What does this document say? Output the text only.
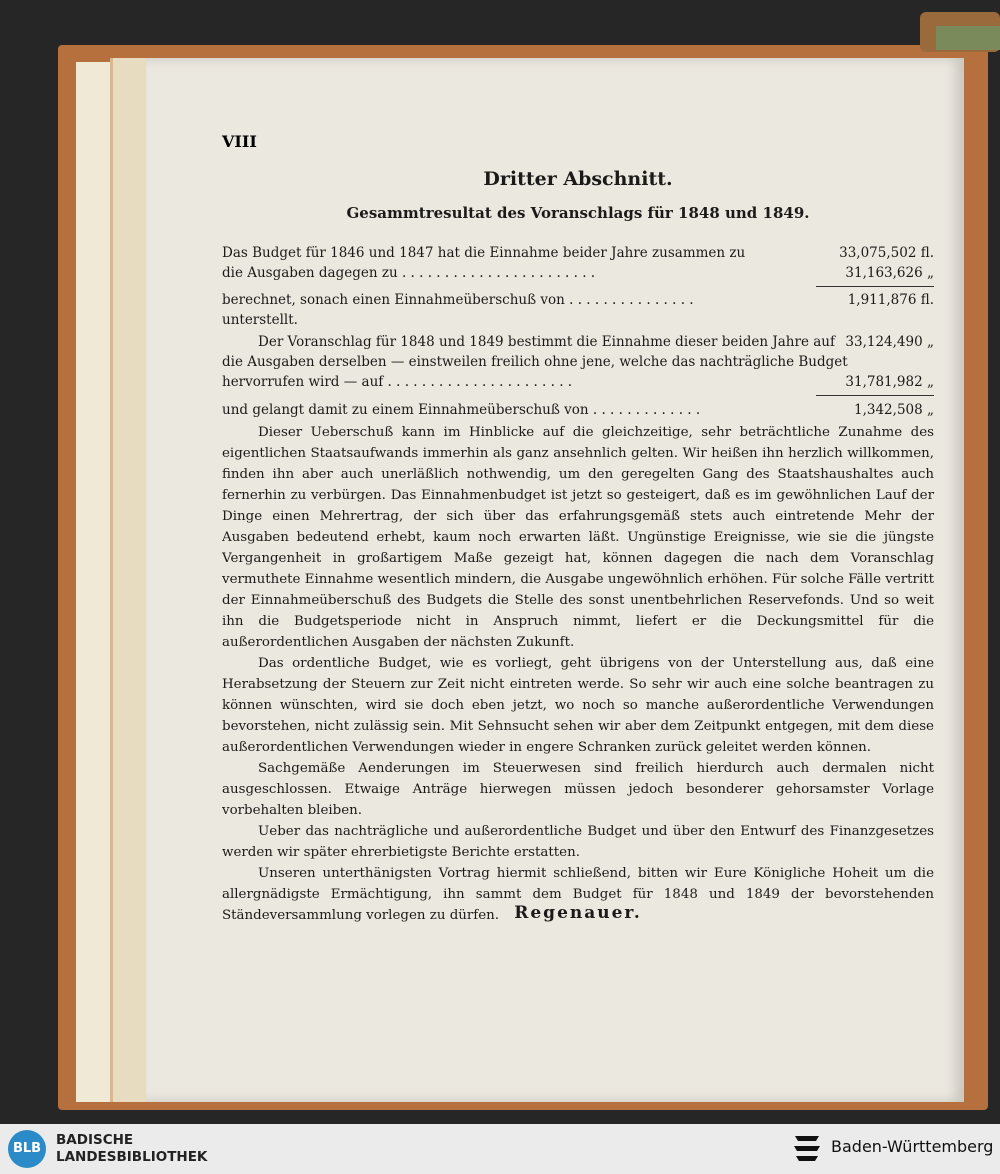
VIII
Dritter Abschnitt.
Gesammtresultat des Voranschlags für 1848 und 1849.
Das Budget für 1846 und 1847 hat die Einnahme beider Jahre zusammen zu	33,075,502 fl.
die Ausgaben dagegen zu . . . . . . . . . . . . . . . . . . . . . . .	31,163,626 „
berechnet, sonach einen Einnahmeüberschuß von . . . . . . . . . . . . . . .	1,911,876 fl.
unterstellt.
Der Voranschlag für 1848 und 1849 bestimmt die Einnahme dieser beiden Jahre auf 33,124,490 „
die Ausgaben derselben — einstweilen freilich ohne jene, welche das nachträgliche Budget
hervorrufen wird — auf . . . . . . . . . . . . . . . . . . . . . .	31,781,982 „
und gelangt damit zu einem Einnahmeüberschuß von . . . . . . . . . . . . .	1,342,508 „

Dieser Ueberschuß kann im Hinblicke auf die gleichzeitige, sehr beträchtliche Zunahme des eigentlichen Staatsaufwands immerhin als ganz ansehnlich gelten. Wir heißen ihn herzlich willkommen, finden ihn aber auch unerläßlich nothwendig, um den geregelten Gang des Staatshaushaltes auch fernerhin zu verbürgen. Das Einnahmenbudget ist jetzt so gesteigert, daß es im gewöhnlichen Lauf der Dinge einen Mehrertrag, der sich über das erfahrungsgemäß stets auch eintretende Mehr der Ausgaben bedeutend erhebt, kaum noch erwarten läßt. Ungünstige Ereignisse, wie sie die jüngste Vergangenheit in großartigem Maße gezeigt hat, können dagegen die nach dem Voranschlag vermuthete Einnahme wesentlich mindern, die Ausgabe ungewöhnlich erhöhen. Für solche Fälle vertritt der Einnahmeüberschuß des Budgets die Stelle des sonst unentbehrlichen Reservefonds. Und so weit ihn die Budgetsperiode nicht in Anspruch nimmt, liefert er die Deckungsmittel für die außerordentlichen Ausgaben der nächsten Zukunft.

Das ordentliche Budget, wie es vorliegt, geht übrigens von der Unterstellung aus, daß eine Herabsetzung der Steuern zur Zeit nicht eintreten werde. So sehr wir auch eine solche beantragen zu können wünschten, wird sie doch eben jetzt, wo noch so manche außerordentliche Verwendungen bevorstehen, nicht zulässig sein. Mit Sehnsucht sehen wir aber dem Zeitpunkt entgegen, mit dem diese außerordentlichen Verwendungen wieder in engere Schranken zurück geleitet werden können.

Sachgemäße Aenderungen im Steuerwesen sind freilich hierdurch auch dermalen nicht ausgeschlossen. Etwaige Anträge hierwegen müssen jedoch besonderer gehorsamster Vorlage vorbehalten bleiben.

Ueber das nachträgliche und außerordentliche Budget und über den Entwurf des Finanzgesetzes werden wir später ehrerbietigste Berichte erstatten.

Unseren unterthänigsten Vortrag hiermit schließend, bitten wir Eure Königliche Hoheit um die allergnädigste Ermächtigung, ihn sammt dem Budget für 1848 und 1849 der bevorstehenden Ständeversammlung vorlegen zu dürfen. Regenauer.
BLB
BADISCHE
LANDESBIBLIOTHEK
Baden-Württemberg
